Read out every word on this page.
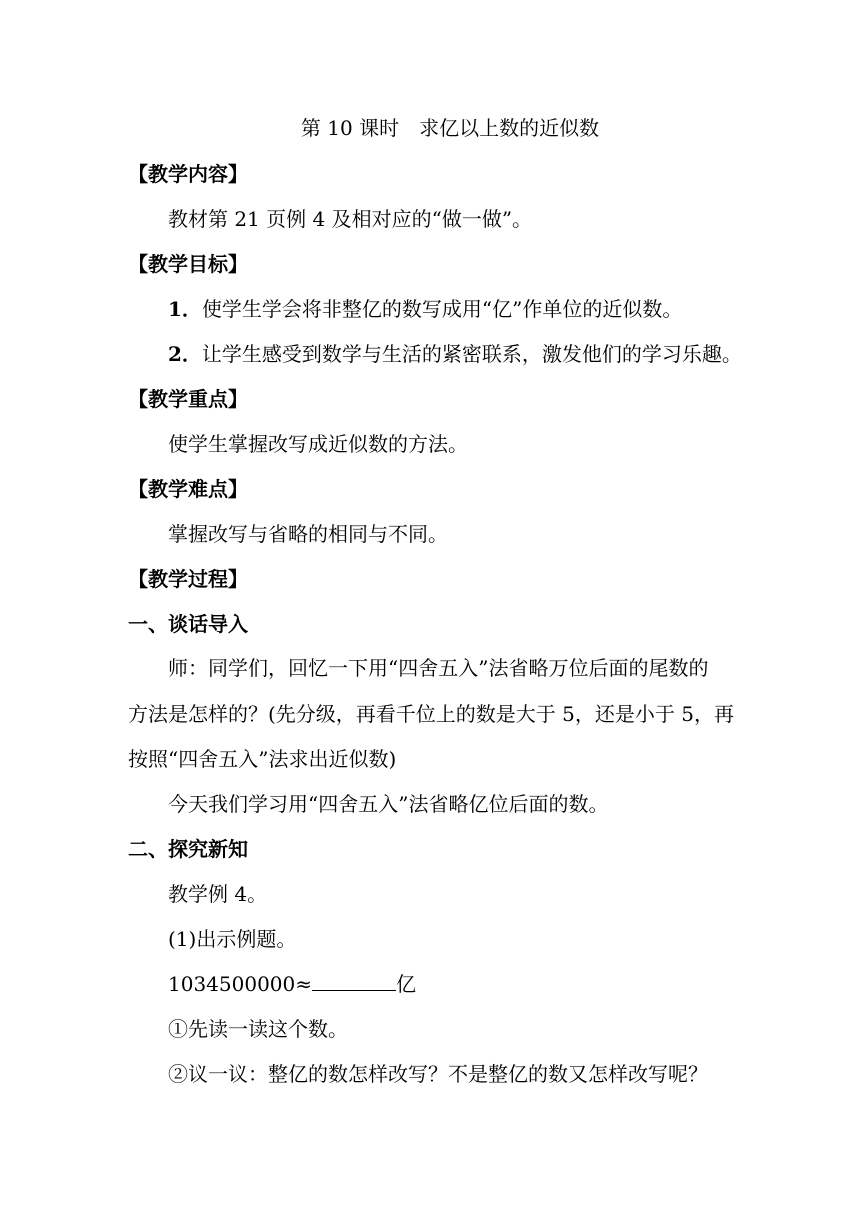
第 10 课时　求亿以上数的近似数
【教学内容】
教材第 21 页例 4 及相对应的“做一做”。
【教学目标】
1．使学生学会将非整亿的数写成用“亿”作单位的近似数。
2．让学生感受到数学与生活的紧密联系，激发他们的学习乐趣。
【教学重点】
使学生掌握改写成近似数的方法。
【教学难点】
掌握改写与省略的相同与不同。
【教学过程】
一、谈话导入
师：同学们，回忆一下用“四舍五入”法省略万位后面的尾数的
方法是怎样的？(先分级，再看千位上的数是大于 5，还是小于 5，再
按照“四舍五入”法求出近似数)
今天我们学习用“四舍五入”法省略亿位后面的数。
二、探究新知
教学例 4。
(1)出示例题。
1034500000≈	亿
①先读一读这个数。
②议一议：整亿的数怎样改写？不是整亿的数又怎样改写呢？
